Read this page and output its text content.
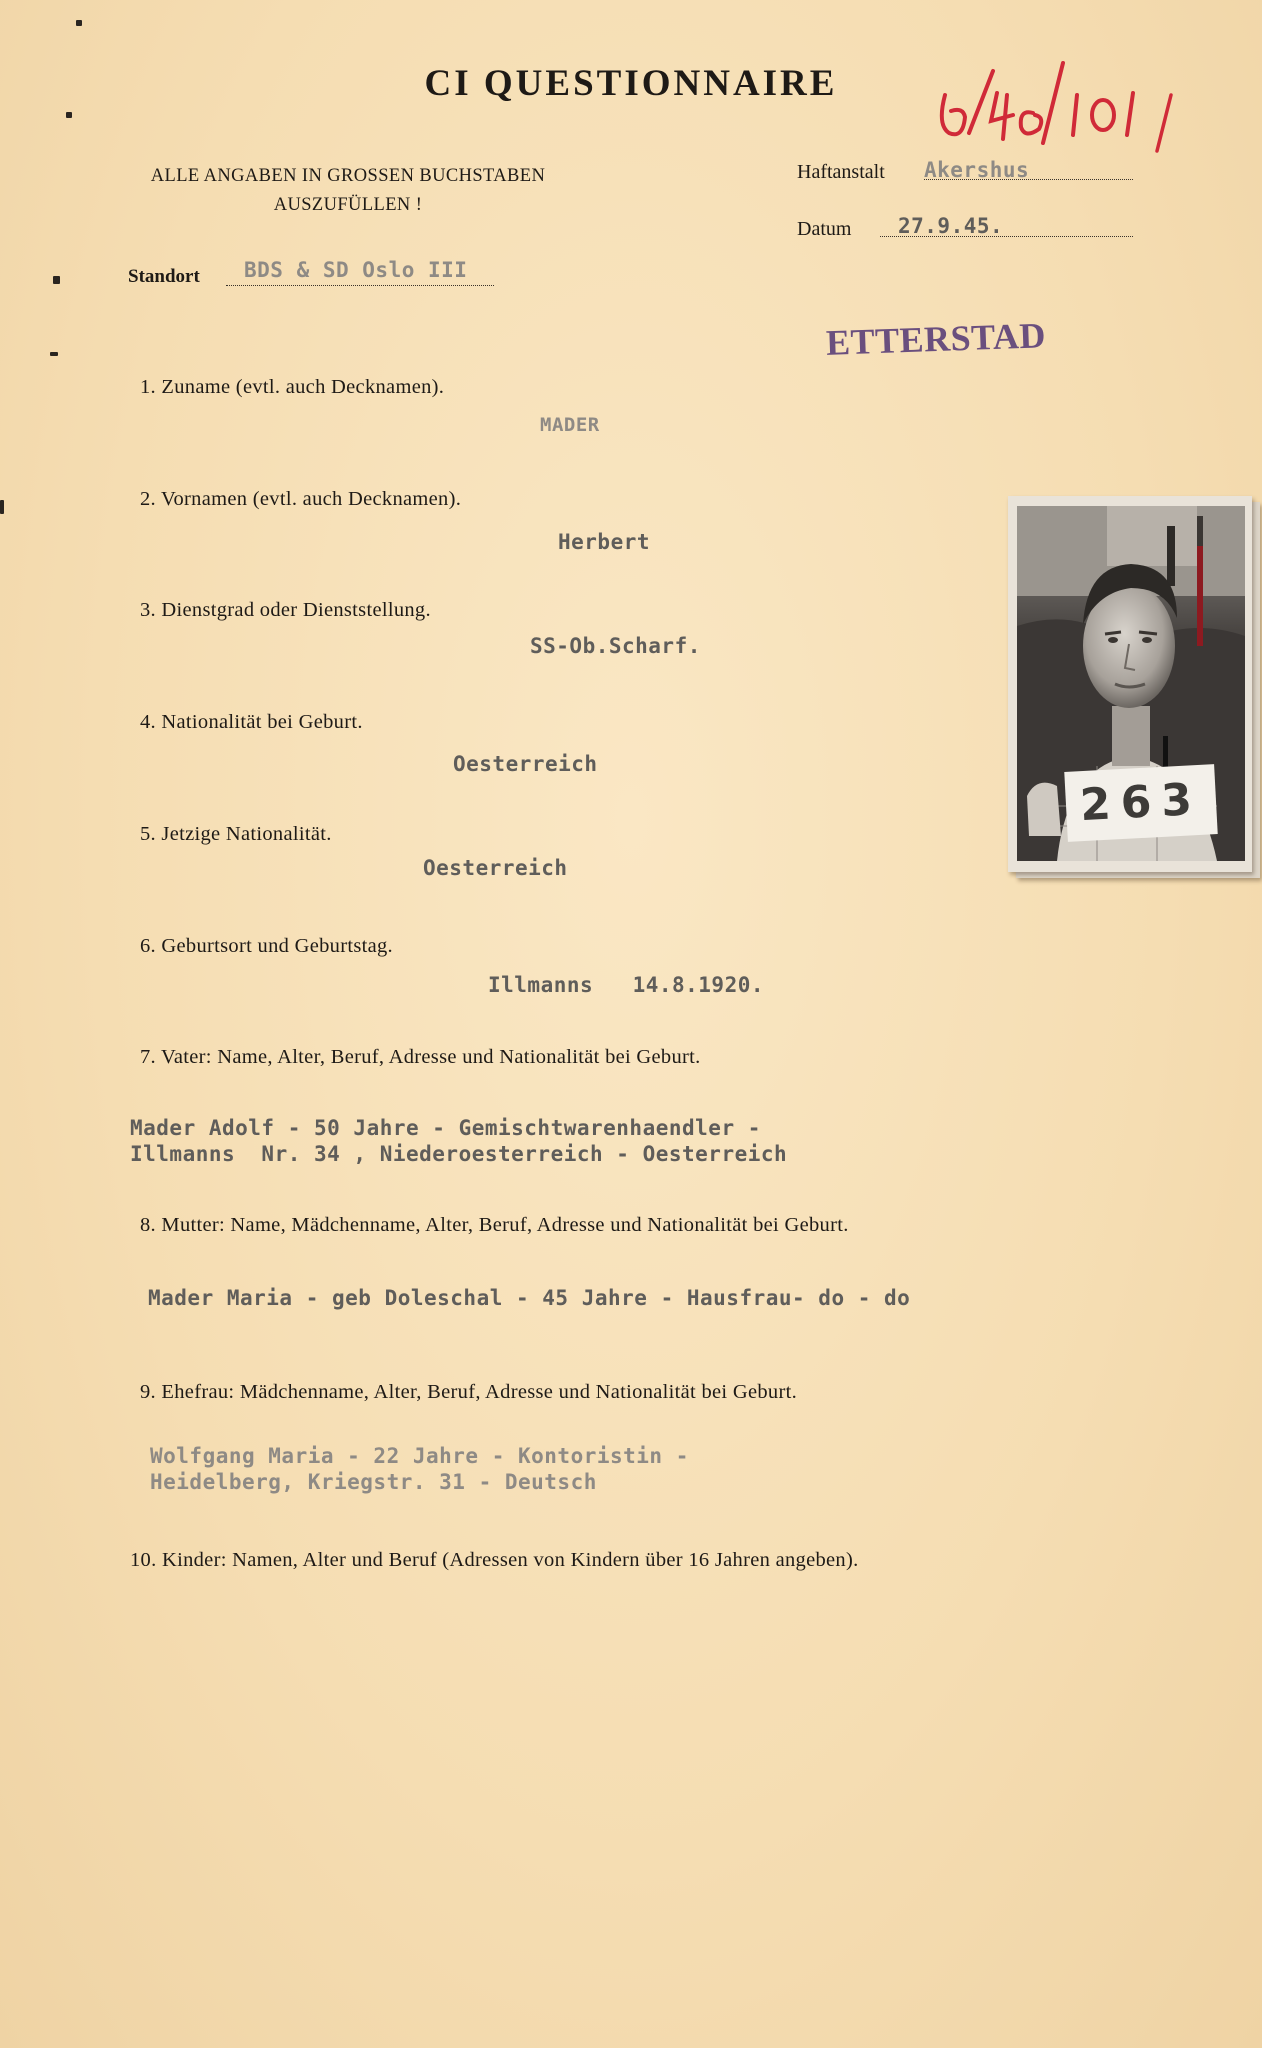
CI QUESTIONNAIRE
ALLE ANGABEN IN GROSSEN BUCHSTABEN
AUSZUFÜLLEN !
Haftanstalt Akershus
Datum 27.9.45.
Standort BDS & SD Oslo III
ETTERSTAD
263
1. Zuname (evtl. auch Decknamen).
MADER
2. Vornamen (evtl. auch Decknamen).
Herbert
3. Dienstgrad oder Dienststellung.
SS-Ob.Scharf.
4. Nationalität bei Geburt.
Oesterreich
5. Jetzige Nationalität.
Oesterreich
6. Geburtsort und Geburtstag.
Illmanns   14.8.1920.
7. Vater: Name, Alter, Beruf, Adresse und Nationalität bei Geburt.
Mader Adolf - 50 Jahre - Gemischtwarenhaendler -
Illmanns  Nr. 34 , Niederoesterreich - Oesterreich
8. Mutter: Name, Mädchenname, Alter, Beruf, Adresse und Nationalität bei Geburt.
Mader Maria - geb Doleschal - 45 Jahre - Hausfrau- do - do
9. Ehefrau: Mädchenname, Alter, Beruf, Adresse und Nationalität bei Geburt.
Wolfgang Maria - 22 Jahre - Kontoristin -
Heidelberg, Kriegstr. 31 - Deutsch
10. Kinder: Namen, Alter und Beruf (Adressen von Kindern über 16 Jahren angeben).
